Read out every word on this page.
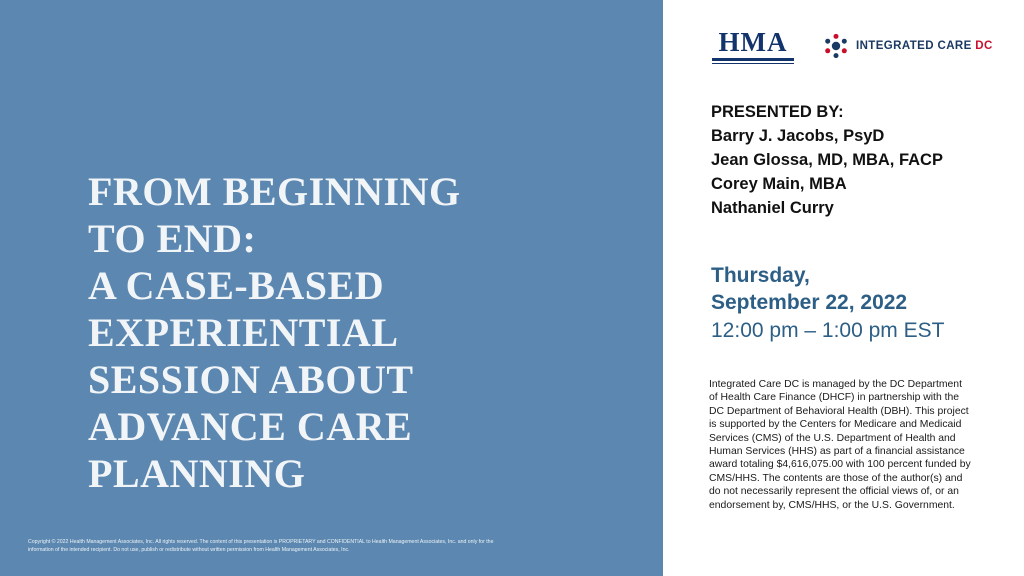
FROM BEGINNING
TO END:
A CASE-BASED
EXPERIENTIAL
SESSION ABOUT
ADVANCE CARE
PLANNING
Copyright © 2022 Health Management Associates, Inc. All rights reserved. The content of this presentation is PROPRIETARY and CONFIDENTIAL to Health Management Associates, Inc. and only for the information of the intended recipient. Do not use, publish or redistribute without written permission from Health Management Associates, Inc.
HMA	INTEGRATED CARE DC

PRESENTED BY:

Barry J. Jacobs, PsyD

Jean Glossa, MD, MBA, FACP

Corey Main, MBA

Nathaniel Curry

Thursday,

September 22, 2022

12:00 pm – 1:00 pm EST

Integrated Care DC is managed by the DC Department of Health Care Finance (DHCF) in partnership with the DC Department of Behavioral Health (DBH). This project is supported by the Centers for Medicare and Medicaid Services (CMS) of the U.S. Department of Health and Human Services (HHS) as part of a financial assistance award totaling $4,616,075.00 with 100 percent funded by CMS/HHS. The contents are those of the author(s) and do not necessarily represent the official views of, or an endorsement by, CMS/HHS, or the U.S. Government.
